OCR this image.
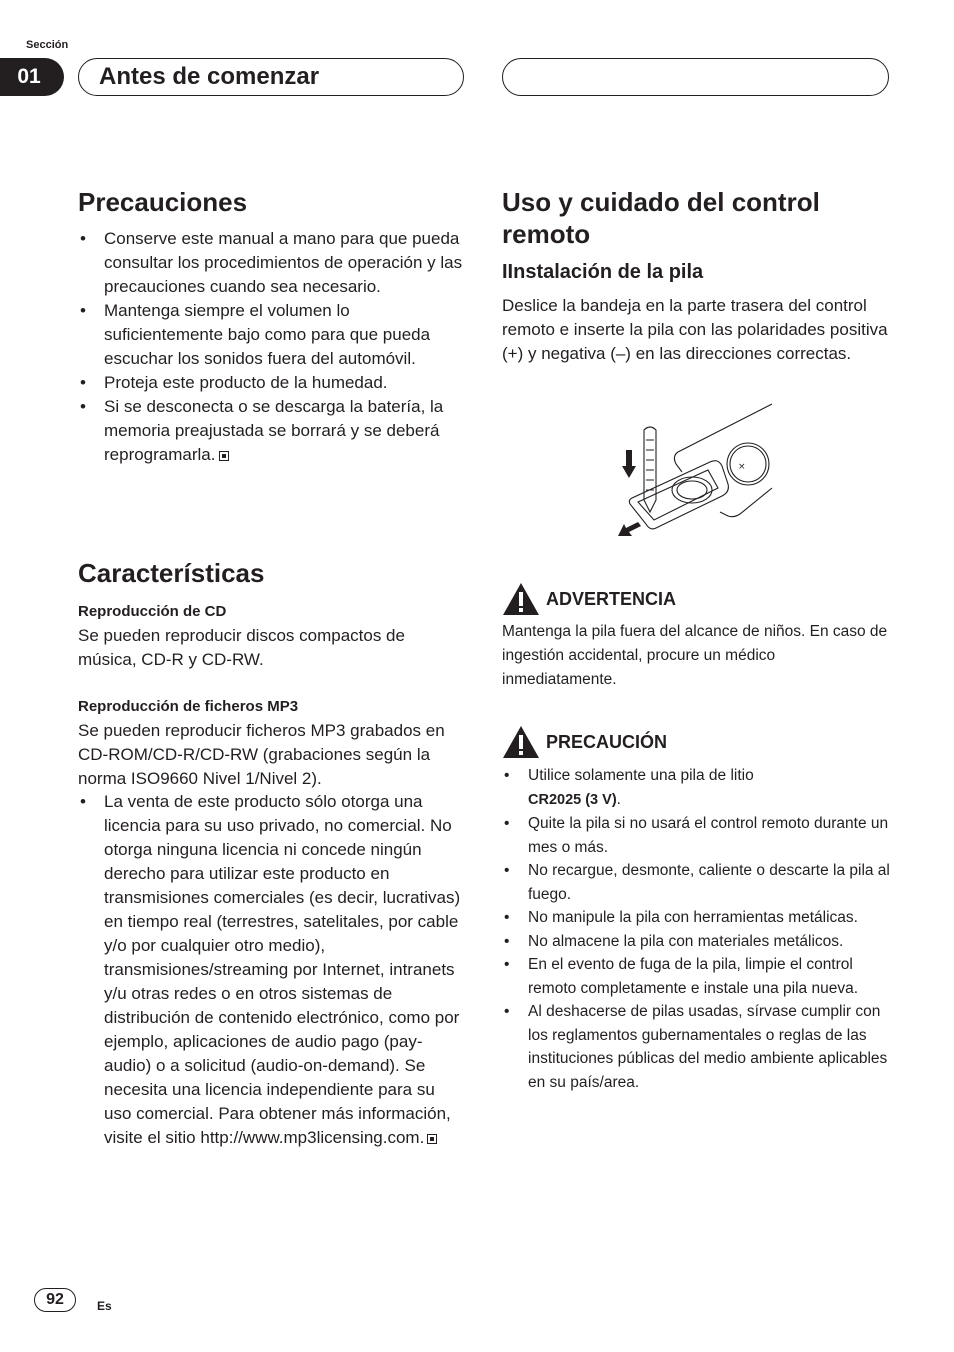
Sección
01	Antes de comenzar
Precauciones
• Conserve este manual a mano para que pueda consultar los procedimientos de operación y las precauciones cuando sea necesario.
• Mantenga siempre el volumen lo suficientemente bajo como para que pueda escuchar los sonidos fuera del automóvil.
• Proteja este producto de la humedad.
• Si se desconecta o se descarga la batería, la memoria preajustada se borrará y se deberá reprogramarla.
Características
Reproducción de CD
Se pueden reproducir discos compactos de música, CD-R y CD-RW.
Reproducción de ficheros MP3
Se pueden reproducir ficheros MP3 grabados en CD-ROM/CD-R/CD-RW (grabaciones según la norma ISO9660 Nivel 1/Nivel 2).
• La venta de este producto sólo otorga una licencia para su uso privado, no comercial. No otorga ninguna licencia ni concede ningún derecho para utilizar este producto en transmisiones comerciales (es decir, lucrativas) en tiempo real (terrestres, satelitales, por cable y/o por cualquier otro medio), transmisiones/streaming por Internet, intranets y/u otras redes o en otros sistemas de distribución de contenido electrónico, como por ejemplo, aplicaciones de audio pago (pay-audio) o a solicitud (audio-on-demand). Se necesita una licencia independiente para su uso comercial. Para obtener más información, visite el sitio http://www.mp3licensing.com.
Uso y cuidado del control remoto
IInstalación de la pila
Deslice la bandeja en la parte trasera del control remoto e inserte la pila con las polaridades positiva (+) y negativa (–) en las direcciones correctas.
×
ADVERTENCIA
Mantenga la pila fuera del alcance de niños. En caso de ingestión accidental, procure un médico inmediatamente.
PRECAUCIÓN
• Utilice solamente una pila de litio
CR2025 (3 V).
• Quite la pila si no usará el control remoto durante un mes o más.
• No recargue, desmonte, caliente o descarte la pila al fuego.
• No manipule la pila con herramientas metálicas.
• No almacene la pila con materiales metálicos.
• En el evento de fuga de la pila, limpie el control remoto completamente e instale una pila nueva.
• Al deshacerse de pilas usadas, sírvase cumplir con los reglamentos gubernamentales o reglas de las instituciones públicas del medio ambiente aplicables en su país/area.
92	Es
